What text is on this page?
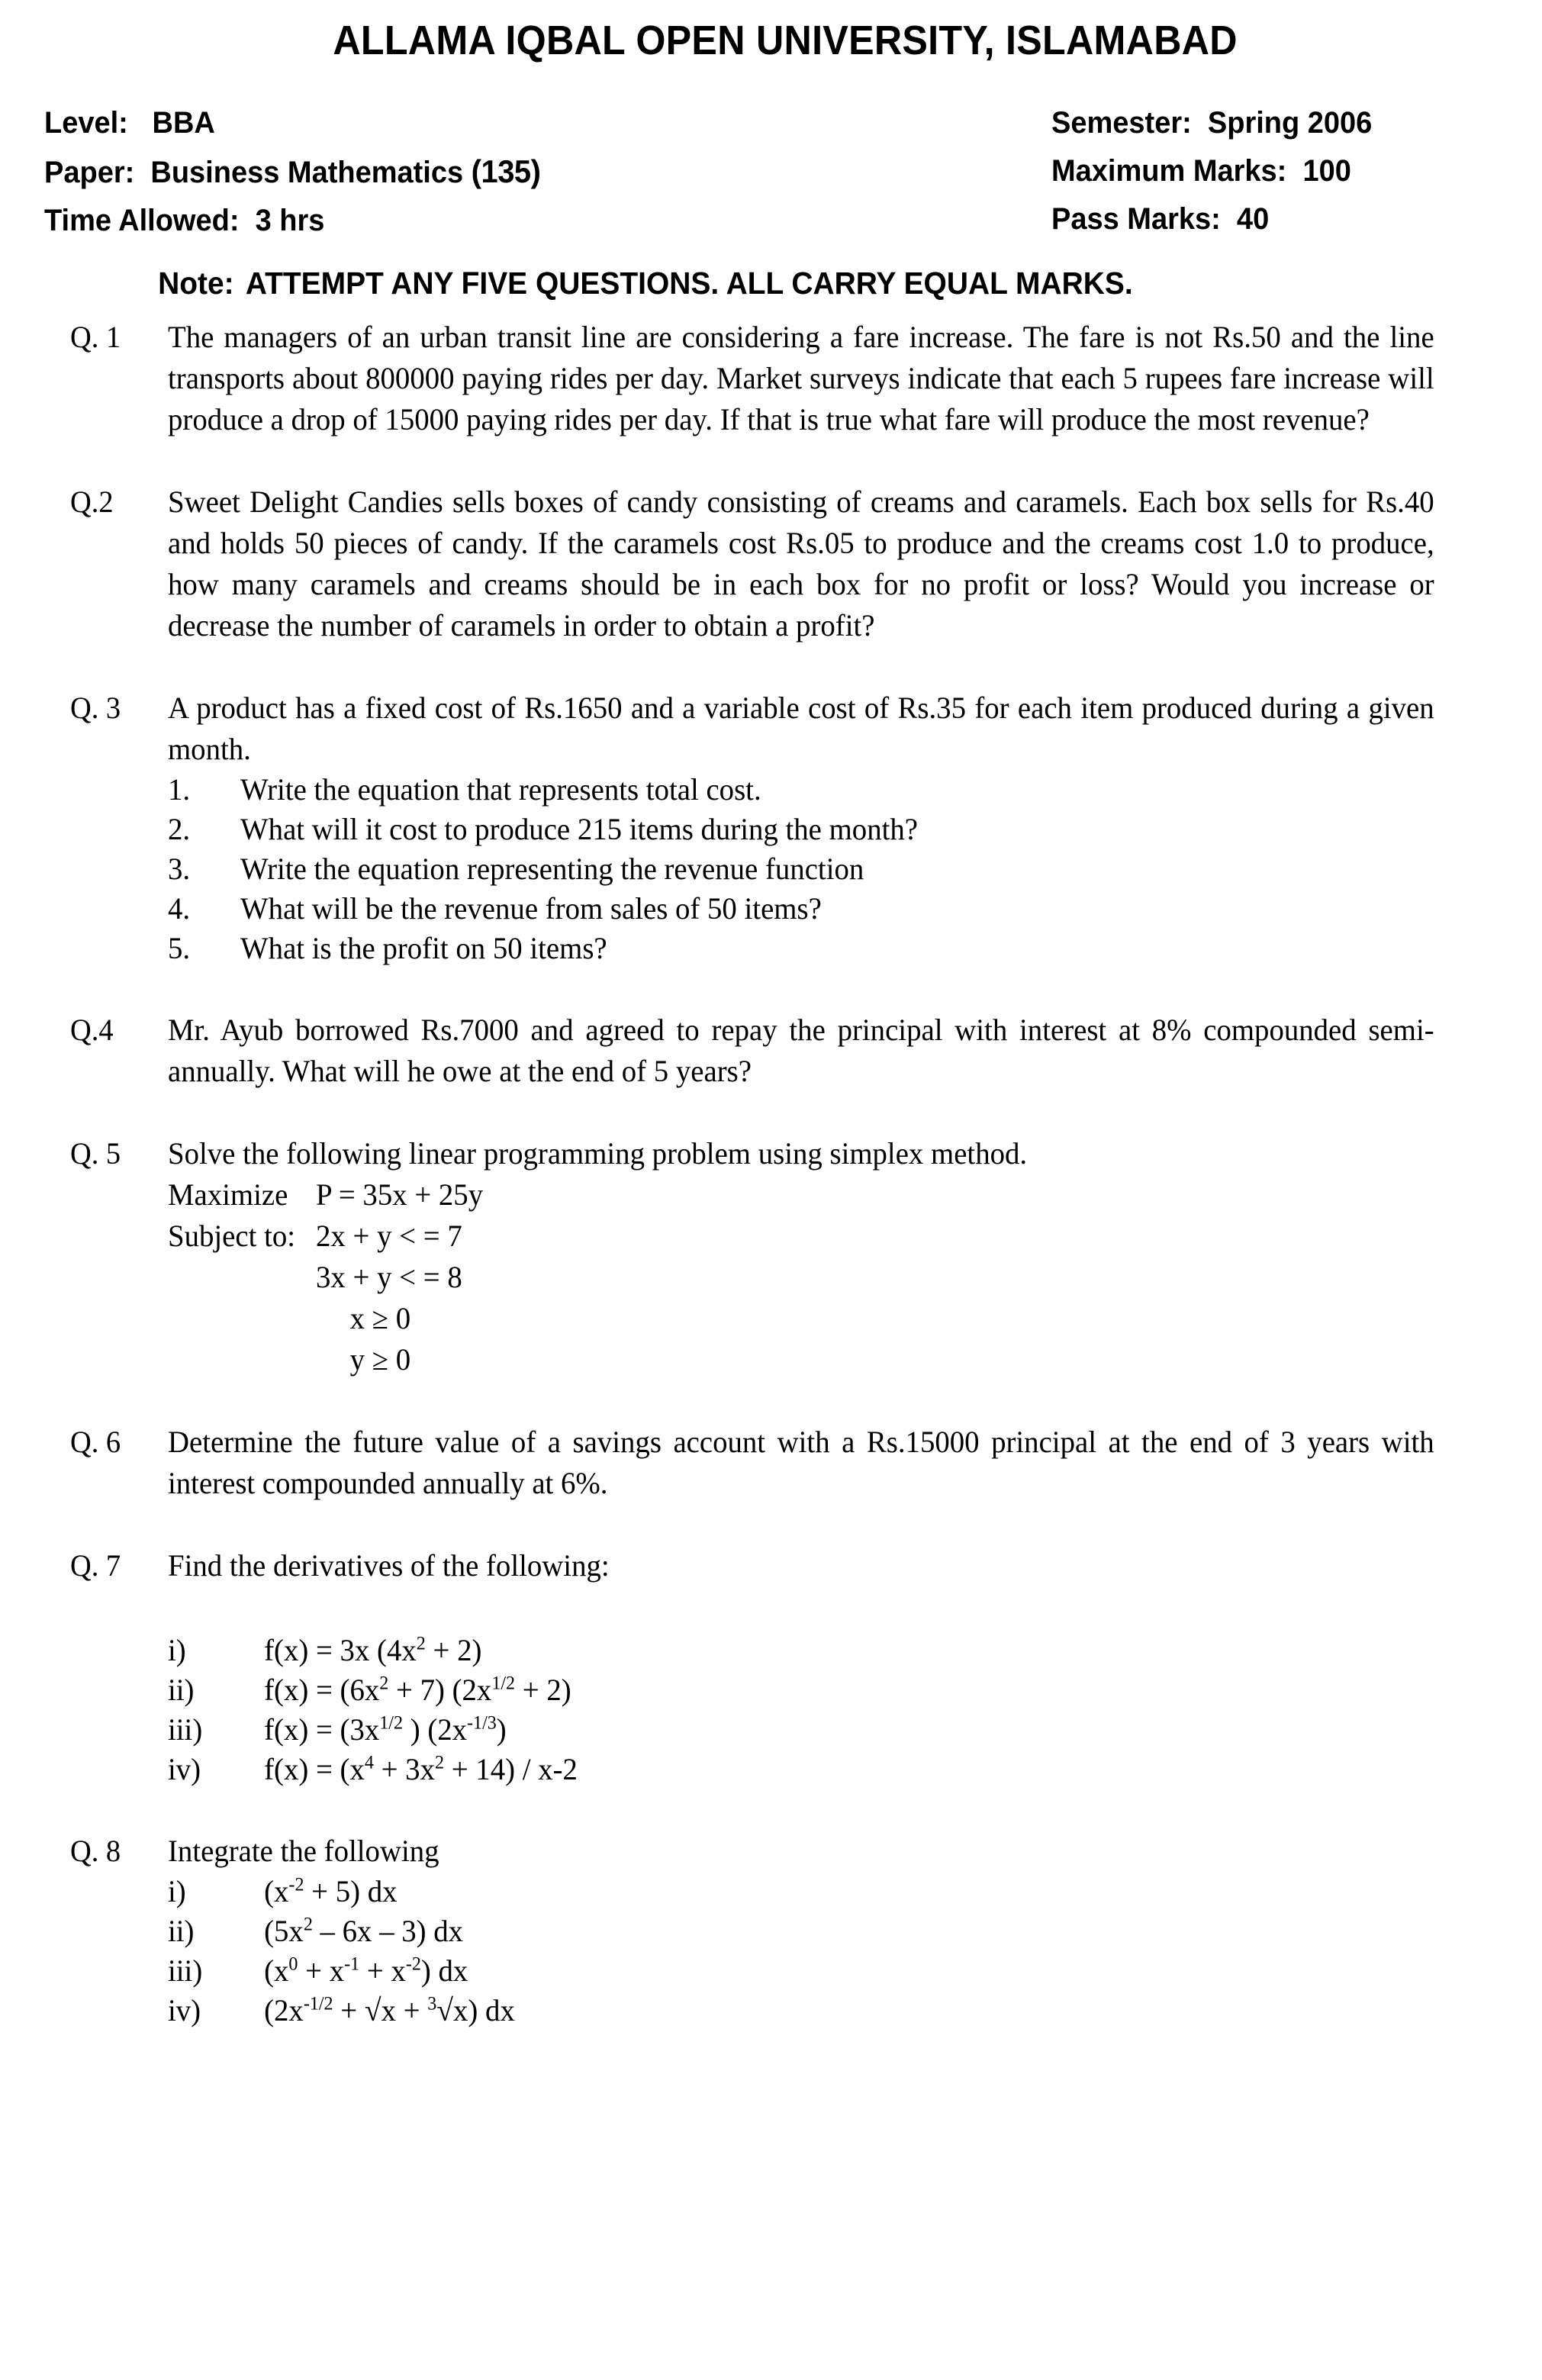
ALLAMA IQBAL OPEN UNIVERSITY, ISLAMABAD
Level: BBA
Paper: Business Mathematics (135)
Time Allowed: 3 hrs
Semester: Spring 2006
Maximum Marks: 100
Pass Marks: 40
Note: ATTEMPT ANY FIVE QUESTIONS. ALL CARRY EQUAL MARKS.
Q. 1	The managers of an urban transit line are considering a fare increase. The fare is not Rs.50 and the line transports about 800000 paying rides per day. Market surveys indicate that each 5 rupees fare increase will produce a drop of 15000 paying rides per day. If that is true what fare will produce the most revenue?

Q.2	Sweet Delight Candies sells boxes of candy consisting of creams and caramels. Each box sells for Rs.40 and holds 50 pieces of candy. If the caramels cost Rs.05 to produce and the creams cost 1.0 to produce, how many caramels and creams should be in each box for no profit or loss? Would you increase or decrease the number of caramels in order to obtain a profit?

Q. 3	A product has a fixed cost of Rs.1650 and a variable cost of Rs.35 for each item produced during a given month.

1.	Write the equation that represents total cost.
2.	What will it cost to produce 215 items during the month?
3.	Write the equation representing the revenue function
4.	What will be the revenue from sales of 50 items?
5.	What is the profit on 50 items?
Q.4	Mr. Ayub borrowed Rs.7000 and agreed to repay the principal with interest at 8% compounded semi-annually. What will he owe at the end of 5 years?

Q. 5	Solve the following linear programming problem using simplex method.

Maximize P = 35x + 25y
Subject to: 2x + y < = 7
3x + y < = 8
x ≥ 0
y ≥ 0
Q. 6	Determine the future value of a savings account with a Rs.15000 principal at the end of 3 years with interest compounded annually at 6%.

Q. 7	Find the derivatives of the following:

i)	f(x) = 3x $(4x^2 + 2)$
ii)	$f(x) = (6x^2 + 7) (2x^{1/2} + 2)$
iii)	$f(x) = (3x^{1/2}$ ) $(2x^{-1/3})$
iv)	$f(x) = (x^4 + 3x^2 + 14) / x-2$
Q. 8	Integrate the following

i)	$(x^{-2} + 5)$ dx
ii)	$(5x^2 - 6x - 3)$ dx
iii)	$(x^0 + x^{-1} + x^{-2})$ dx
iv)	$(2x^{-1/2} + √x + ^3√x)$ dx
